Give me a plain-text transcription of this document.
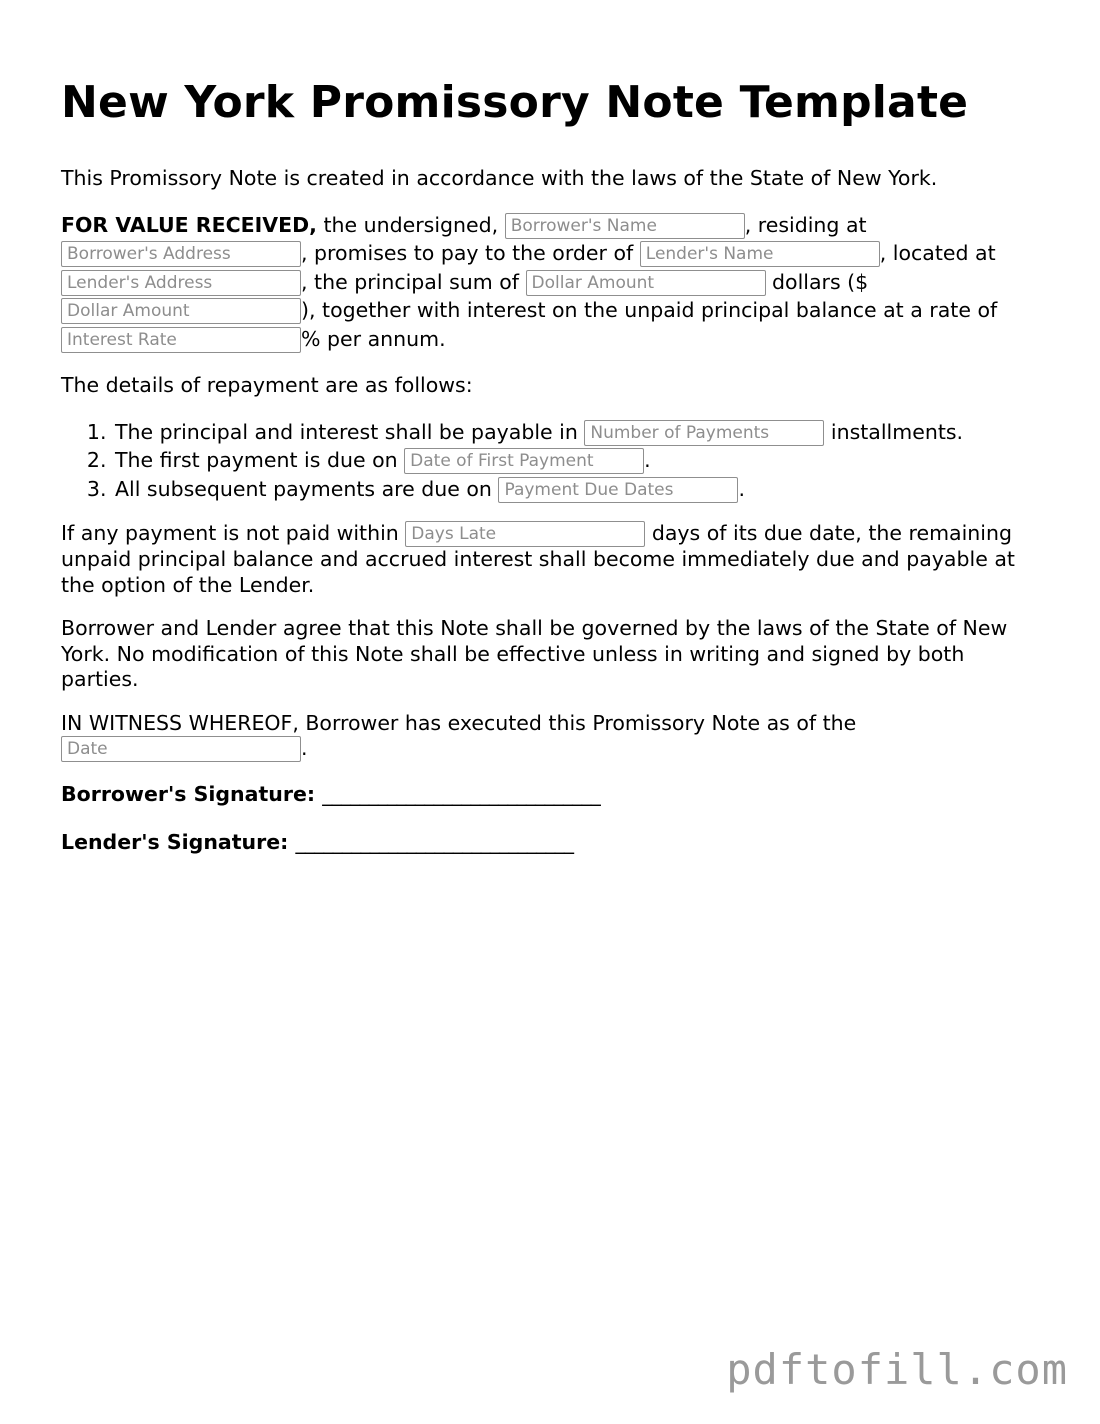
New York Promissory Note Template

This Promissory Note is created in accordance with the laws of the State of New York.

FOR VALUE RECEIVED, the undersigned, Borrower's Name	, residing at
Borrower's Address, promises to pay to the order of Lender's Name	, located at
Lender's Address, the principal sum of Dollar Amount	dollars ($
Dollar Amount), together with interest on the unpaid principal balance at a rate of
Interest Rate% per annum.

The details of repayment are as follows:

1. The principal and interest shall be payable in Number of Payments	installments.
2. The first payment is due on Date of First Payment	.
3. All subsequent payments are due on Payment Due Dates	.

If any payment is not paid within Days Late	days of its due date, the remaining unpaid principal balance and accrued interest shall become immediately due and payable at the option of the Lender.

Borrower and Lender agree that this Note shall be governed by the laws of the State of New York. No modification of this Note shall be effective unless in writing and signed by both parties.

IN WITNESS WHEREOF, Borrower has executed this Promissory Note as of the
Date.

Borrower's Signature: ______________________________
Lender's Signature: ______________________________
pdftofill.com
